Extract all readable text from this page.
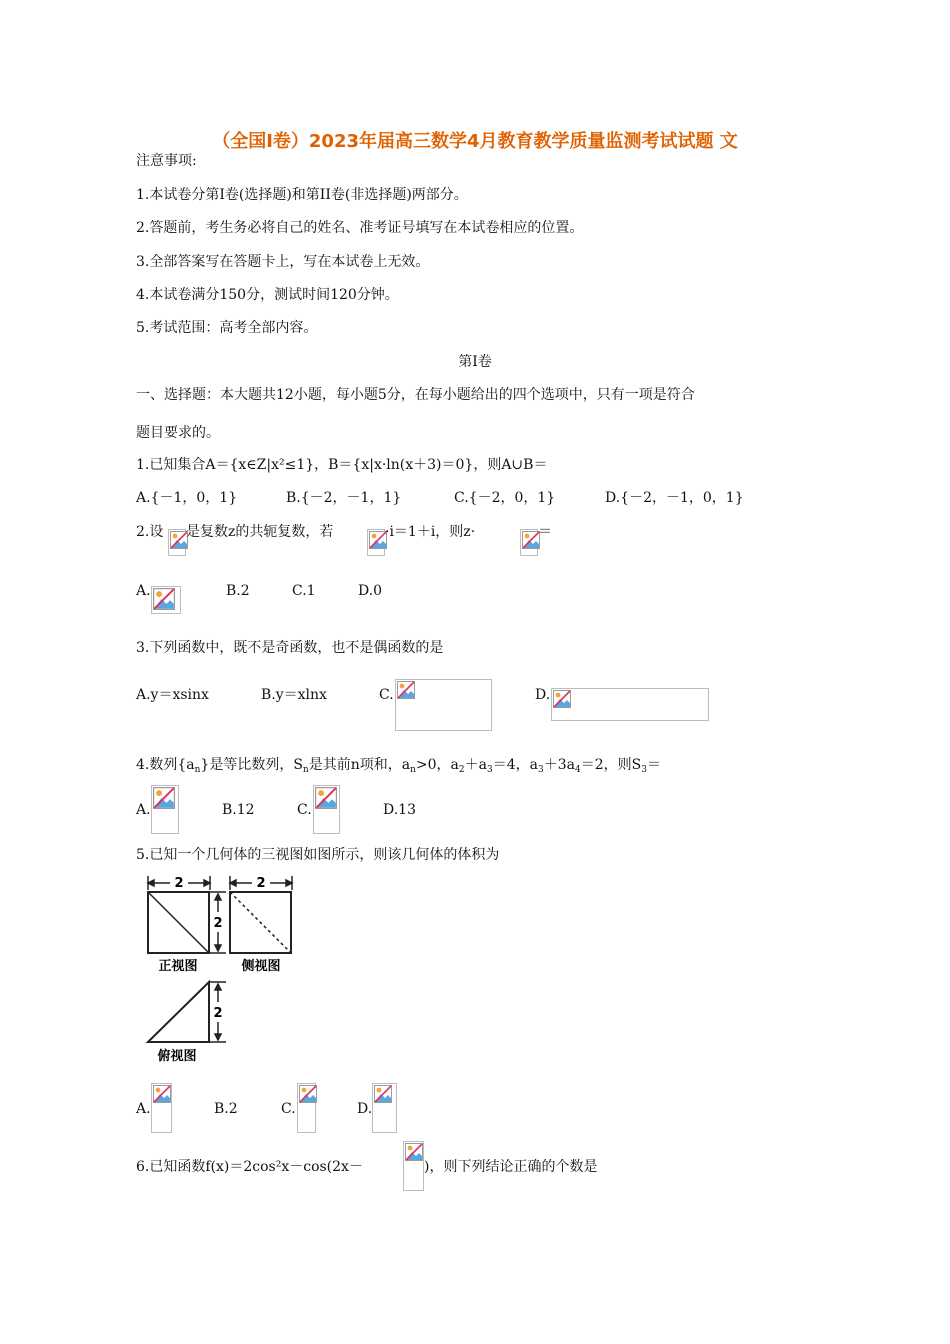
（全国Ⅰ卷）2023年届高三数学4月教育教学质量监测考试试题 文
注意事项:
1.本试卷分第Ⅰ卷(选择题)和第II卷(非选择题)两部分。
2.答题前，考生务必将自己的姓名、准考证号填写在本试卷相应的位置。
3.全部答案写在答题卡上，写在本试卷上无效。
4.本试卷满分150分，测试时间120分钟。
5.考试范围：高考全部内容。
第Ⅰ卷
一、选择题：本大题共12小题，每小题5分，在每小题给出的四个选项中，只有一项是符合
题目要求的。
1.已知集合A＝{x∈Z|x²≤1}，B＝{x|x·ln(x＋3)＝0}，则A∪B＝
A.{－1，0，1}	B.{－2，－1，1}	C.{－2，0，1}	D.{－2，－1，0，1}
2.设 是复数z的共轭复数，若	·i＝1＋i，则z·	＝
A.	B.2	C.1	D.0
3.下列函数中，既不是奇函数，也不是偶函数的是
A.y＝xsinx	B.y＝xlnx	C.	D.
4.数列$\{a_n\}$是等比数列，$S_n$是其前n项和，$a_n>0$，$a_2+a_3=4$，$a_3+3a_4=2$，则$S_3=$
A.	B.12	C.	D.13
5.已知一个几何体的三视图如图所示，则该几何体的体积为
2	2
2
2
正视图	侧视图
俯视图
A.	B.2	C.	D.
6.已知函数f(x)＝2cos²x－cos(2x－	)，则下列结论正确的个数是
